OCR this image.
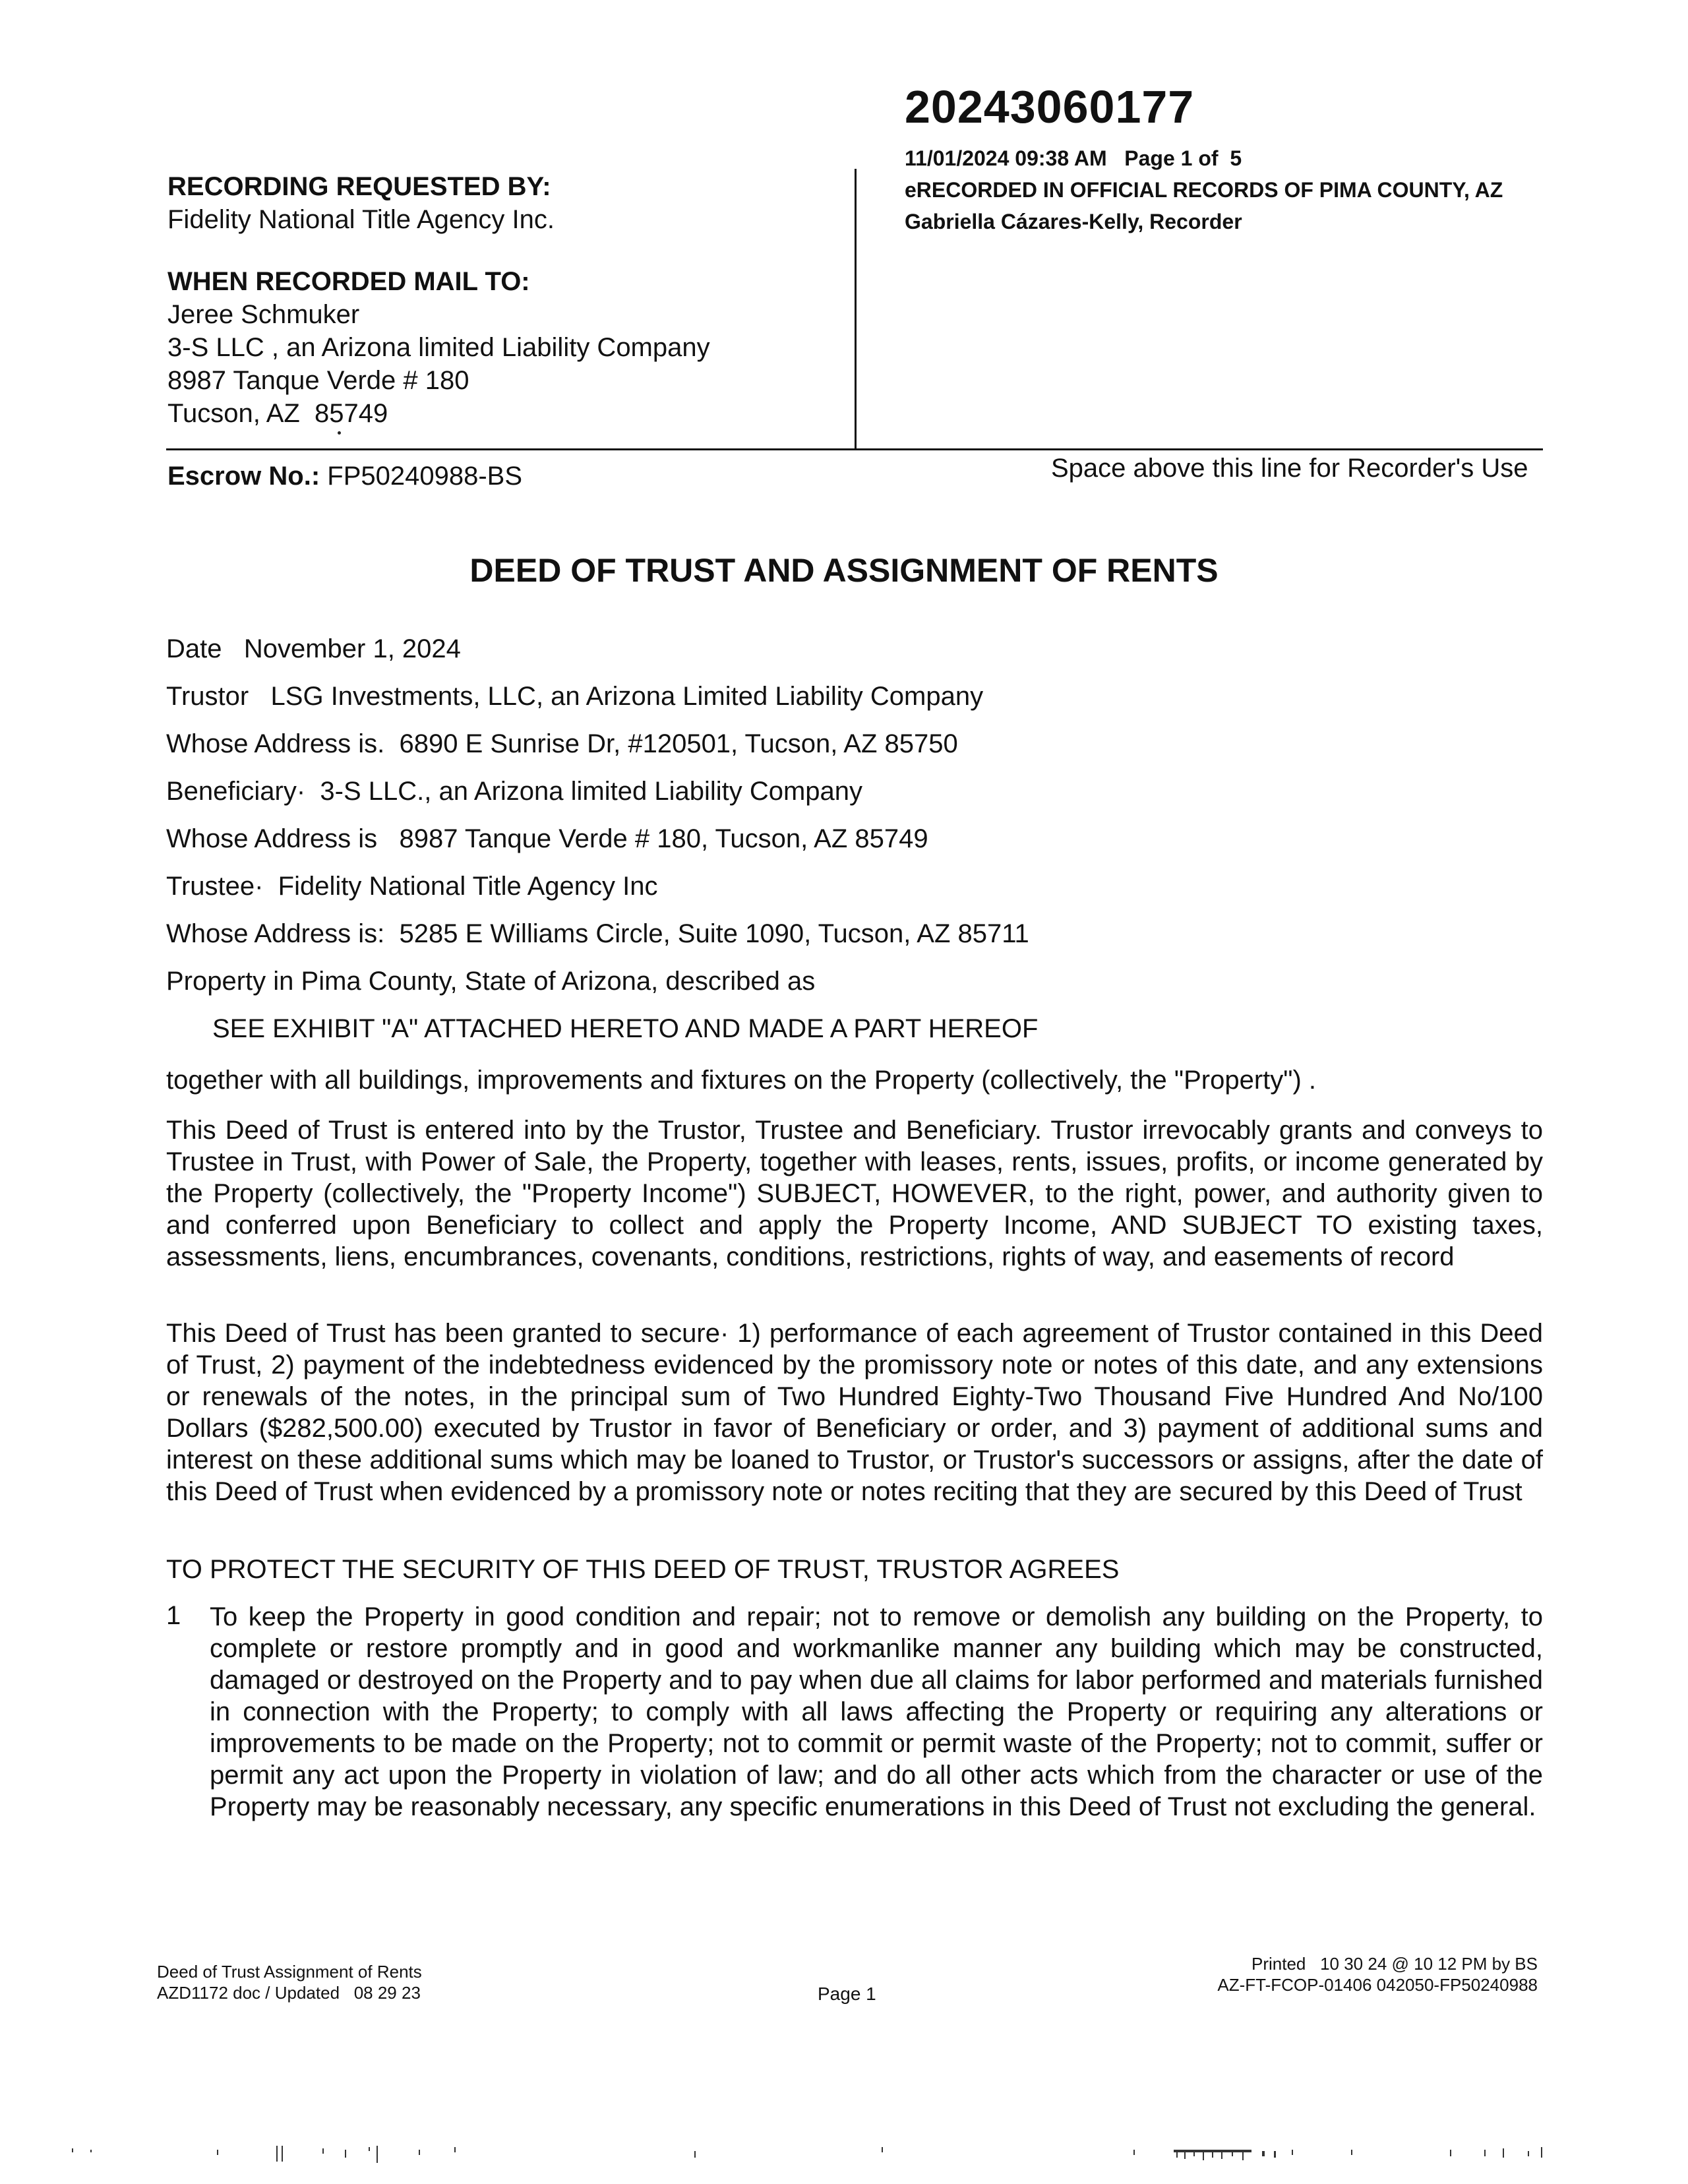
20243060177
11/01/2024 09:38 AM   Page 1 of  5
eRECORDED IN OFFICIAL RECORDS OF PIMA COUNTY, AZ
Gabriella Cázares-Kelly, Recorder
RECORDING REQUESTED BY:
Fidelity National Title Agency Inc.
WHEN RECORDED MAIL TO:
Jeree Schmuker
3-S LLC , an Arizona limited Liability Company
8987 Tanque Verde # 180
Tucson, AZ  85749
Escrow No.: FP50240988-BS	Space above this line for Recorder's Use
DEED OF TRUST AND ASSIGNMENT OF RENTS
Date   November 1, 2024
Trustor   LSG Investments, LLC, an Arizona Limited Liability Company
Whose Address is.  6890 E Sunrise Dr, #120501, Tucson, AZ 85750
Beneficiary·  3-S LLC., an Arizona limited Liability Company
Whose Address is   8987 Tanque Verde # 180, Tucson, AZ 85749
Trustee·  Fidelity National Title Agency Inc
Whose Address is:  5285 E Williams Circle, Suite 1090, Tucson, AZ 85711
Property in Pima County, State of Arizona, described as
SEE EXHIBIT "A" ATTACHED HERETO AND MADE A PART HEREOF
together with all buildings, improvements and fixtures on the Property (collectively, the "Property") .
This Deed of Trust is entered into by the Trustor, Trustee and Beneficiary. Trustor irrevocably grants and conveys to Trustee in Trust, with Power of Sale, the Property, together with leases, rents, issues, profits, or income generated by the Property (collectively, the "Property Income") SUBJECT, HOWEVER, to the right, power, and authority given to and conferred upon Beneficiary to collect and apply the Property Income, AND SUBJECT TO existing taxes, assessments, liens, encumbrances, covenants, conditions, restrictions, rights of way, and easements of record
This Deed of Trust has been granted to secure· 1) performance of each agreement of Trustor contained in this Deed of Trust, 2) payment of the indebtedness evidenced by the promissory note or notes of this date, and any extensions or renewals of the notes, in the principal sum of Two Hundred Eighty-Two Thousand Five Hundred And No/100 Dollars ($282,500.00) executed by Trustor in favor of Beneficiary or order, and 3) payment of additional sums and interest on these additional sums which may be loaned to Trustor, or Trustor's successors or assigns, after the date of this Deed of Trust when evidenced by a promissory note or notes reciting that they are secured by this Deed of Trust
TO PROTECT THE SECURITY OF THIS DEED OF TRUST, TRUSTOR AGREES
1 To keep the Property in good condition and repair; not to remove or demolish any building on the Property, to complete or restore promptly and in good and workmanlike manner any building which may be constructed, damaged or destroyed on the Property and to pay when due all claims for labor performed and materials furnished in connection with the Property; to comply with all laws affecting the Property or requiring any alterations or improvements to be made on the Property; not to commit or permit waste of the Property; not to commit, suffer or permit any act upon the Property in violation of law; and do all other acts which from the character or use of the Property may be reasonably necessary, any specific enumerations in this Deed of Trust not excluding the general.
Deed of Trust Assignment of Rents
AZD1172 doc / Updated   08 29 23	Page 1
Printed   10 30 24 @ 10 12 PM by BS
AZ-FT-FCOP-01406 042050-FP50240988
